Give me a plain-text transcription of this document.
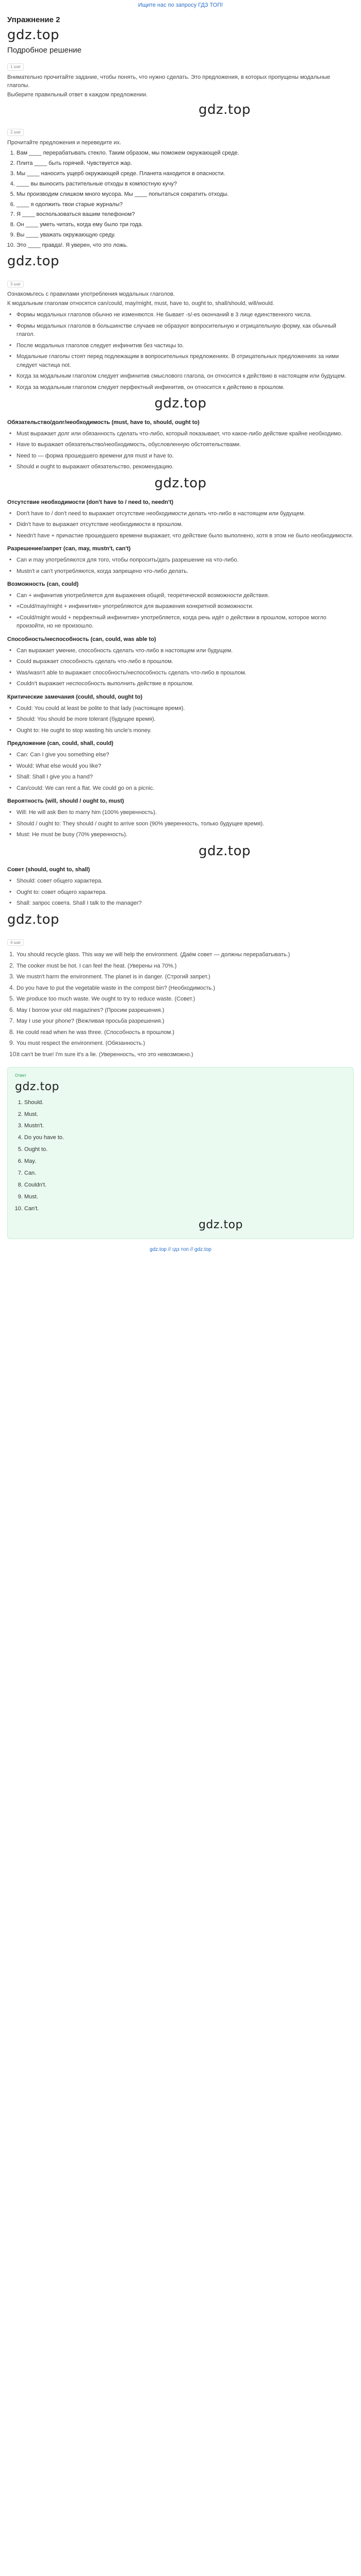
Ищите нас по запросу ГДЗ ТОП!
Упражнение 2
gdz.top
Подробное решение
1 шаг
Внимательно прочитайте задание, чтобы понять, что нужно сделать. Это предложения, в которых пропущены модальные глаголы.
Выберите правильный ответ в каждом предложении.
gdz.top
2 шаг
Прочитайте предложения и переведите их.
1. Вам ____ перерабатывать стекло. Таким образом, мы поможем окружающей среде.
2. Плита ____ быть горячей. Чувствуется жар.
3. Мы ____ наносить ущерб окружающей среде. Планета находится в опасности.
4. ____ вы выносить растительные отходы в компостную кучу?
5. Мы производим слишком много мусора. Мы ____ попытаться сократить отходы.
6. ____ я одолжить твои старые журналы?
7. Я ____ воспользоваться вашим телефоном?
8. Он ____ уметь читать, когда ему было три года.
9. Вы ____ уважать окружающую среду.
10. Это ____ правда!. Я уверен, что это ложь.
gdz.top
3 шаг
Ознакомьтесь с правилами употребления модальных глаголов.
К модальным глаголам относятся can/could, may/might, must, have to, ought to, shall/should, will/would.
• Формы модальных глаголов обычно не изменяются. Не бывает -s/-es окончаний в 3 лице единственного числа.
• Формы модальных глаголов в большинстве случаев не образуют вопросительную и отрицательную форму, как обычный глагол.
• После модальных глаголов следует инфинитив без частицы to.
• Модальные глаголы стоят перед подлежащим в вопросительных предложениях. В отрицательных предложениях за ними следует частица not.
• Когда за модальным глаголом следует инфинитив смыслового глагола, он относится к действию в настоящем или будущем.
• Когда за модальным глаголом следует перфектный инфинитив, он относится к действию в прошлом.
gdz.top
Обязательство/долг/необходимость (must, have to, should, ought to)
• Must выражает долг или обязанность сделать что-либо, который показывает, что какое-либо действие крайне необходимо.
• Have to выражает обязательство/необходимость, обусловленную обстоятельствами.
• Need to — форма прошедшего времени для must и have to.
• Should и ought to выражают обязательство, рекомендацию.
gdz.top
Отсутствие необходимости (don't have to / need to, needn't)
• Don't have to / don't need to выражает отсутствие необходимости делать что-либо в настоящем или будущем.
• Didn't have to выражает отсутствие необходимости в прошлом.
• Needn't have + причастие прошедшего времени выражает, что действие было выполнено, хотя в этом не было необходимости.
Разрешение/запрет (can, may, mustn't, can't)
• Can и may употребляются для того, чтобы попросить/дать разрешение на что-либо.
• Mustn't и can't употребляются, когда запрещено что-либо делать.
Возможность (can, could)
• Can + инфинитив употребляется для выражения общей, теоретической возможности действия.
• «Could/may/might + инфинитив» употребляются для выражения конкретной возможности.
• «Could/might would + перфектный инфинитив» употребляется, когда речь идёт о действии в прошлом, которое могло произойти, но не произошло.
Способность/неспособность (can, could, was able to)
• Can выражает умение, способность сделать что-либо в настоящем или будущем.
• Could выражает способность сделать что-либо в прошлом.
• Was/wasn't able to выражает способность/неспособность сделать что-либо в прошлом.
• Couldn't выражает неспособность выполнить действие в прошлом.
Критические замечания (could, should, ought to)
• Could: You could at least be polite to that lady (настоящее время).
• Should: You should be more tolerant (будущее время).
• Ought to: He ought to stop wasting his uncle's money.
Предложение (can, could, shall, could)
• Can: Can I give you something else?
• Would: What else would you like?
• Shall: Shall I give you a hand?
• Can/could: We can rent a flat. We could go on a picnic.
Вероятность (will, should / ought to, must)
• Will: He will ask Ben to marry him (100% уверенность).
• Should / ought to: They should / ought to arrive soon (90% уверенность, только будущее время).
• Must: He must be busy (70% уверенность).
gdz.top
Совет (should, ought to, shall)
• Should: совет общего характера.
• Ought to: совет общего характера.
• Shall: запрос совета. Shall I talk to the manager?
gdz.top
4 шаг
1. You should recycle glass. This way we will help the environment. (Даём совет — должны перерабатывать.)
2. The cooker must be hot. I can feel the heat. (Уверены на 70%.)
3. We mustn't harm the environment. The planet is in danger. (Строгий запрет.)
4. Do you have to put the vegetable waste in the compost bin? (Необходимость.)
5. We produce too much waste. We ought to try to reduce waste. (Совет.)
6. May I borrow your old magazines? (Просим разрешения.)
7. May I use your phone? (Вежливая просьба разрешения.)
8. He could read when he was three. (Способность в прошлом.)
9. You must respect the environment. (Обязанность.)
10.
It can't be true! I'm sure it's a lie. (Уверенность, что это невозможно.)
Ответ
gdz.top
1. Should.
2. Must.
3. Mustn't.
4. Do you have to.
5. Ought to.
6. May.
7. Can.
8. Couldn't.
9. Must.
10. Can't.
gdz.top
gdz.top // гдз топ // gdz.top
